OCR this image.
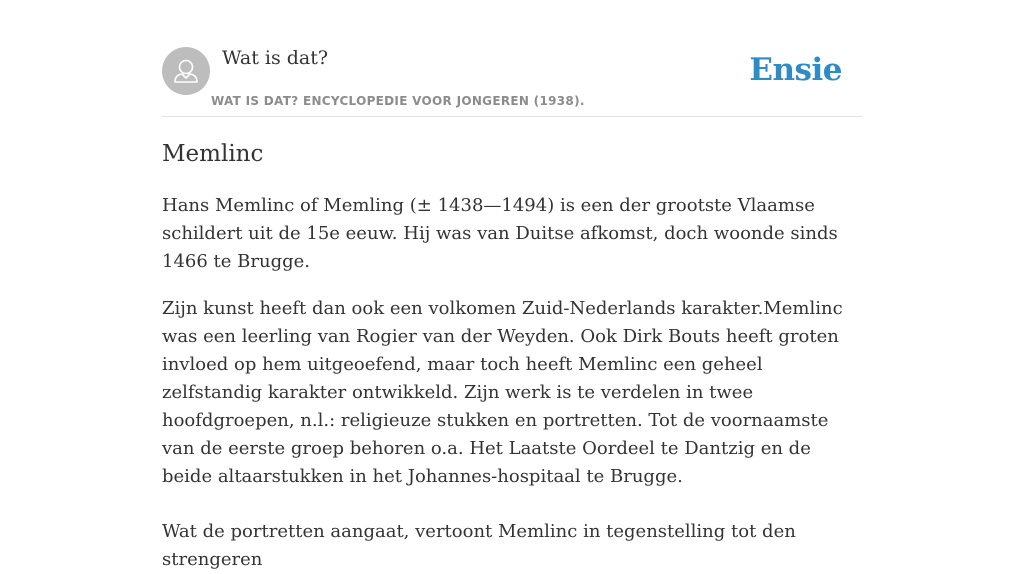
Wat is dat?
WAT IS DAT? ENCYCLOPEDIE VOOR JONGEREN (1938).
Ensie
Memlinc

Hans Memlinc of Memling (± 1438—1494) is een der grootste Vlaamse schildert uit de 15e eeuw. Hij was van Duitse afkomst, doch woonde sinds 1466 te Brugge.

Zijn kunst heeft dan ook een volkomen Zuid-Nederlands karakter.Memlinc was een leerling van Rogier van der Weyden. Ook Dirk Bouts heeft groten invloed op hem uitgeoefend, maar toch heeft Memlinc een geheel zelfstandig karakter ontwikkeld. Zijn werk is te verdelen in twee hoofdgroepen, n.l.: religieuze stukken en portretten. Tot de voornaamste van de eerste groep behoren o.a. Het Laatste Oordeel te Dantzig en de beide altaarstukken in het Johannes-hospitaal te Brugge.

Wat de portretten aangaat, vertoont Memlinc in tegenstelling tot den strengeren
